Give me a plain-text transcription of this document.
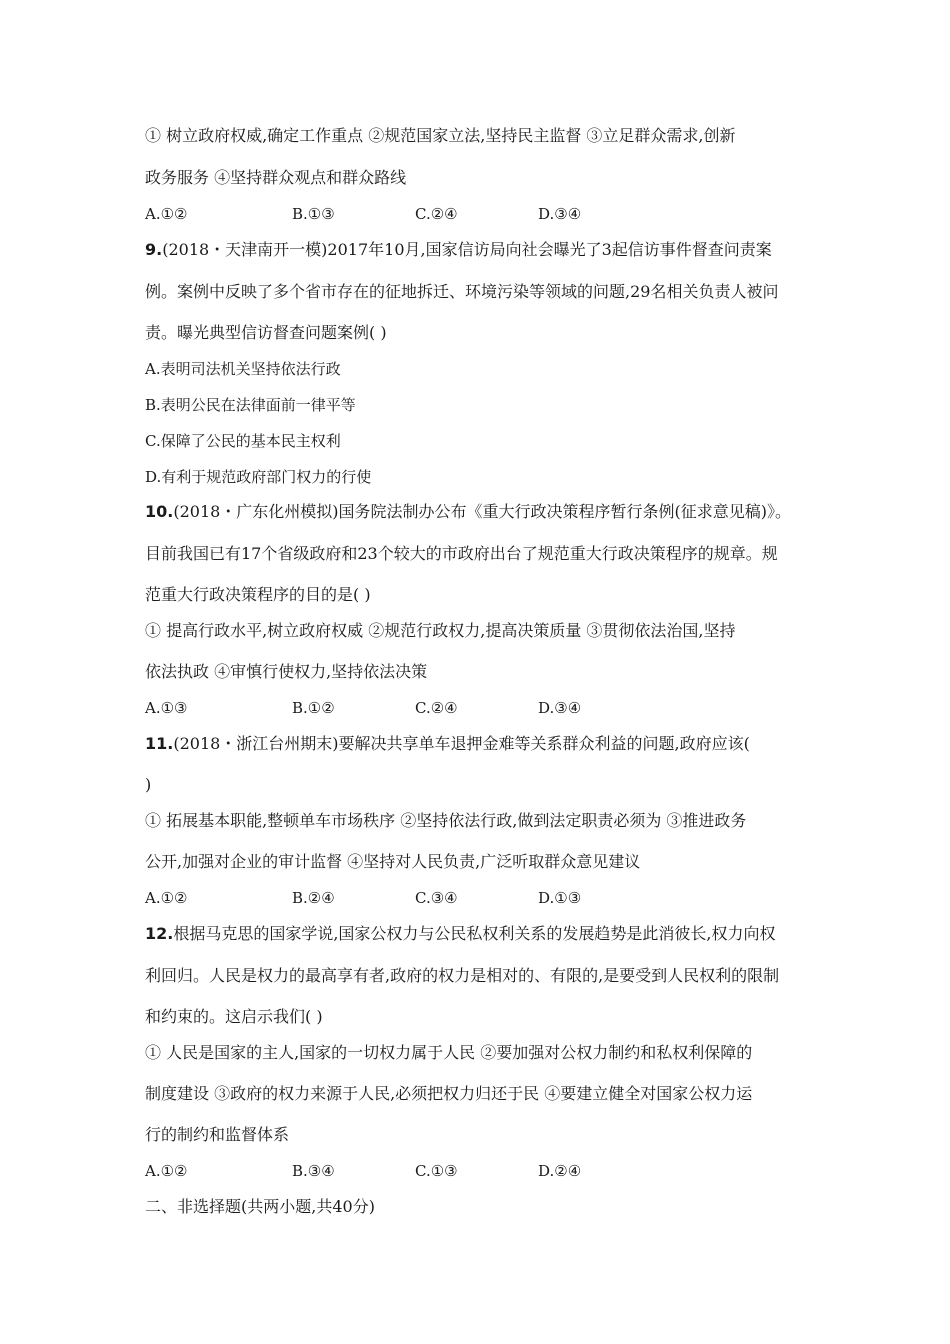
① 树立政府权威,确定工作重点 ②规范国家立法,坚持民主监督 ③立足群众需求,创新
政务服务 ④坚持群众观点和群众路线
A.①②	B.①③	C.②④	D.③④
9.(2018・天津南开一模)2017年10月,国家信访局向社会曝光了3起信访事件督查问责案
例。案例中反映了多个省市存在的征地拆迁、环境污染等领域的问题,29名相关负责人被问
责。曝光典型信访督查问题案例( )
A.表明司法机关坚持依法行政
B.表明公民在法律面前一律平等
C.保障了公民的基本民主权利
D.有利于规范政府部门权力的行使
10.(2018・广东化州模拟)国务院法制办公布《重大行政决策程序暂行条例(征求意见稿)》。
目前我国已有17个省级政府和23个较大的市政府出台了规范重大行政决策程序的规章。规
范重大行政决策程序的目的是( )
① 提高行政水平,树立政府权威 ②规范行政权力,提高决策质量 ③贯彻依法治国,坚持
依法执政 ④审慎行使权力,坚持依法决策
A.①③	B.①②	C.②④	D.③④
11.(2018・浙江台州期末)要解决共享单车退押金难等关系群众利益的问题,政府应该(
)
① 拓展基本职能,整顿单车市场秩序 ②坚持依法行政,做到法定职责必须为 ③推进政务
公开,加强对企业的审计监督 ④坚持对人民负责,广泛听取群众意见建议
A.①②	B.②④	C.③④	D.①③
12.根据马克思的国家学说,国家公权力与公民私权利关系的发展趋势是此消彼长,权力向权
利回归。人民是权力的最高享有者,政府的权力是相对的、有限的,是要受到人民权利的限制
和约束的。这启示我们( )
① 人民是国家的主人,国家的一切权力属于人民 ②要加强对公权力制约和私权利保障的
制度建设 ③政府的权力来源于人民,必须把权力归还于民 ④要建立健全对国家公权力运
行的制约和监督体系
A.①②	B.③④	C.①③	D.②④
二、非选择题(共两小题,共40分)
